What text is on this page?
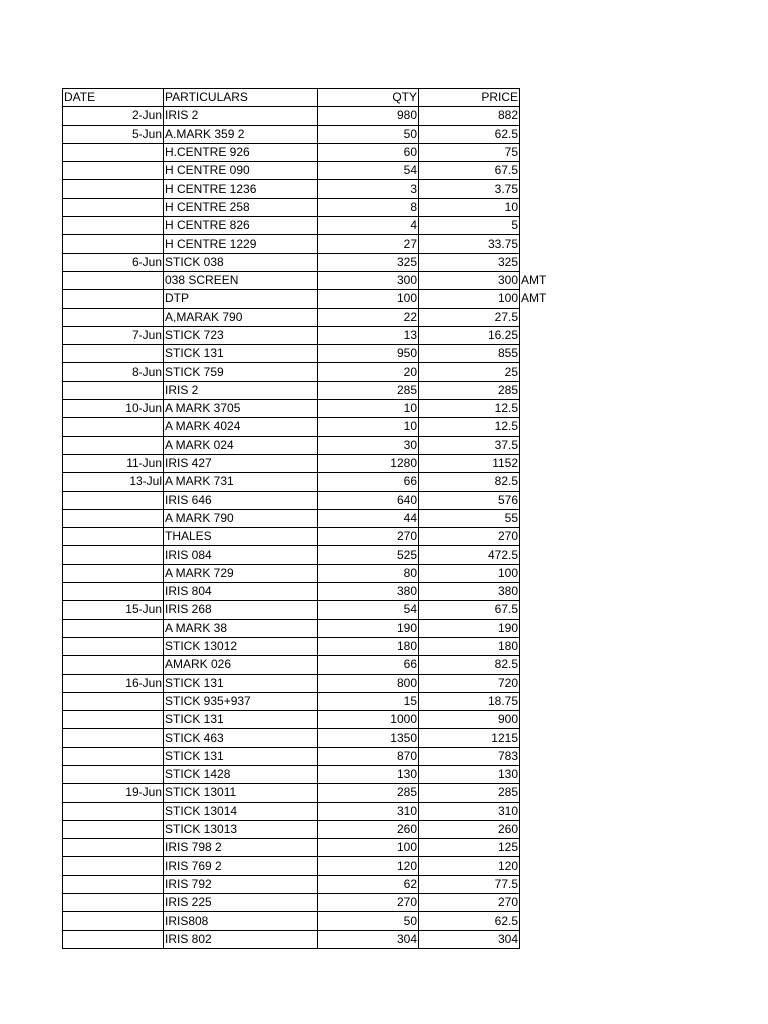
DATE	PARTICULARS	QTY	PRICE	
2-Jun	IRIS 2	980	882	
5-Jun	A.MARK 359 2	50	62.5	
	H.CENTRE 926	60	75	
	H CENTRE 090	54	67.5	
	H CENTRE 1236	3	3.75	
	H CENTRE 258	8	10	
	H CENTRE 826	4	5	
	H CENTRE 1229	27	33.75	
6-Jun	STICK 038	325	325	
	038 SCREEN	300	300	AMT
	DTP	100	100	AMT
	A,MARAK 790	22	27.5	
7-Jun	STICK 723	13	16.25	
	STICK 131	950	855	
8-Jun	STICK 759	20	25	
	IRIS 2	285	285	
10-Jun	A MARK 3705	10	12.5	
	A MARK 4024	10	12.5	
	A MARK 024	30	37.5	
11-Jun	IRIS 427	1280	1152	
13-Jul	A MARK 731	66	82.5	
	IRIS 646	640	576	
	A MARK 790	44	55	
	THALES	270	270	
	IRIS 084	525	472.5	
	A MARK 729	80	100	
	IRIS 804	380	380	
15-Jun	IRIS 268	54	67.5	
	A MARK 38	190	190	
	STICK 13012	180	180	
	AMARK 026	66	82.5	
16-Jun	STICK 131	800	720	
	STICK 935+937	15	18.75	
	STICK 131	1000	900	
	STICK 463	1350	1215	
	STICK 131	870	783	
	STICK 1428	130	130	
19-Jun	STICK 13011	285	285	
	STICK 13014	310	310	
	STICK 13013	260	260	
	IRIS 798 2	100	125	
	IRIS 769 2	120	120	
	IRIS 792	62	77.5	
	IRIS 225	270	270	
	IRIS808	50	62.5	
	IRIS 802	304	304	
